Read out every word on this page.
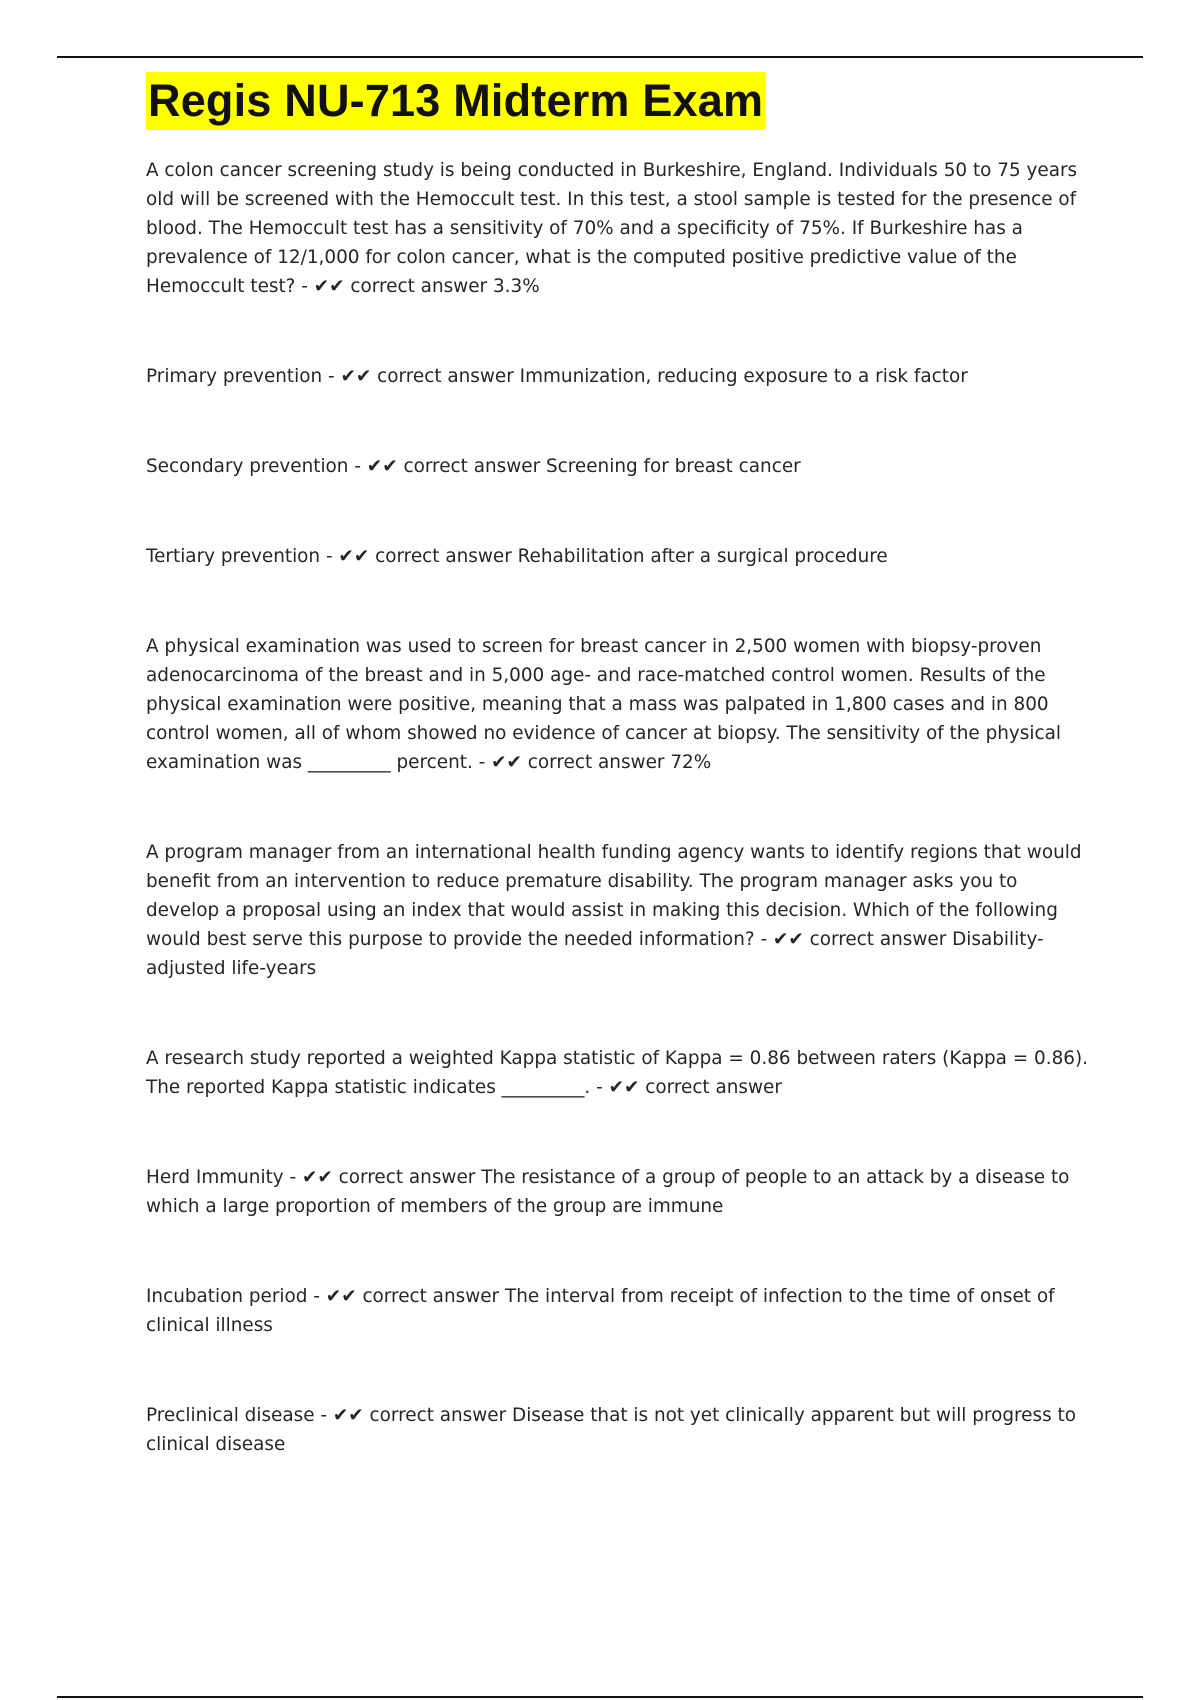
Regis NU-713 Midterm Exam

A colon cancer screening study is being conducted in Burkeshire, England. Individuals 50 to 75 years old will be screened with the Hemoccult test. In this test, a stool sample is tested for the presence of blood. The Hemoccult test has a sensitivity of 70% and a specificity of 75%. If Burkeshire has a prevalence of 12/1,000 for colon cancer, what is the computed positive predictive value of the Hemoccult test? - ✔✔ correct answer 3.3%

Primary prevention - ✔✔ correct answer Immunization, reducing exposure to a risk factor

Secondary prevention - ✔✔ correct answer Screening for breast cancer

Tertiary prevention - ✔✔ correct answer Rehabilitation after a surgical procedure

A physical examination was used to screen for breast cancer in 2,500 women with biopsy-proven adenocarcinoma of the breast and in 5,000 age- and race-matched control women. Results of the physical examination were positive, meaning that a mass was palpated in 1,800 cases and in 800 control women, all of whom showed no evidence of cancer at biopsy. The sensitivity of the physical examination was _________ percent. - ✔✔ correct answer 72%

A program manager from an international health funding agency wants to identify regions that would benefit from an intervention to reduce premature disability. The program manager asks you to develop a proposal using an index that would assist in making this decision. Which of the following would best serve this purpose to provide the needed information? - ✔✔ correct answer Disability-adjusted life-years

A research study reported a weighted Kappa statistic of Kappa = 0.86 between raters (Kappa = 0.86). The reported Kappa statistic indicates _________. - ✔✔ correct answer

Herd Immunity - ✔✔ correct answer The resistance of a group of people to an attack by a disease to which a large proportion of members of the group are immune

Incubation period - ✔✔ correct answer The interval from receipt of infection to the time of onset of clinical illness

Preclinical disease - ✔✔ correct answer Disease that is not yet clinically apparent but will progress to clinical disease
